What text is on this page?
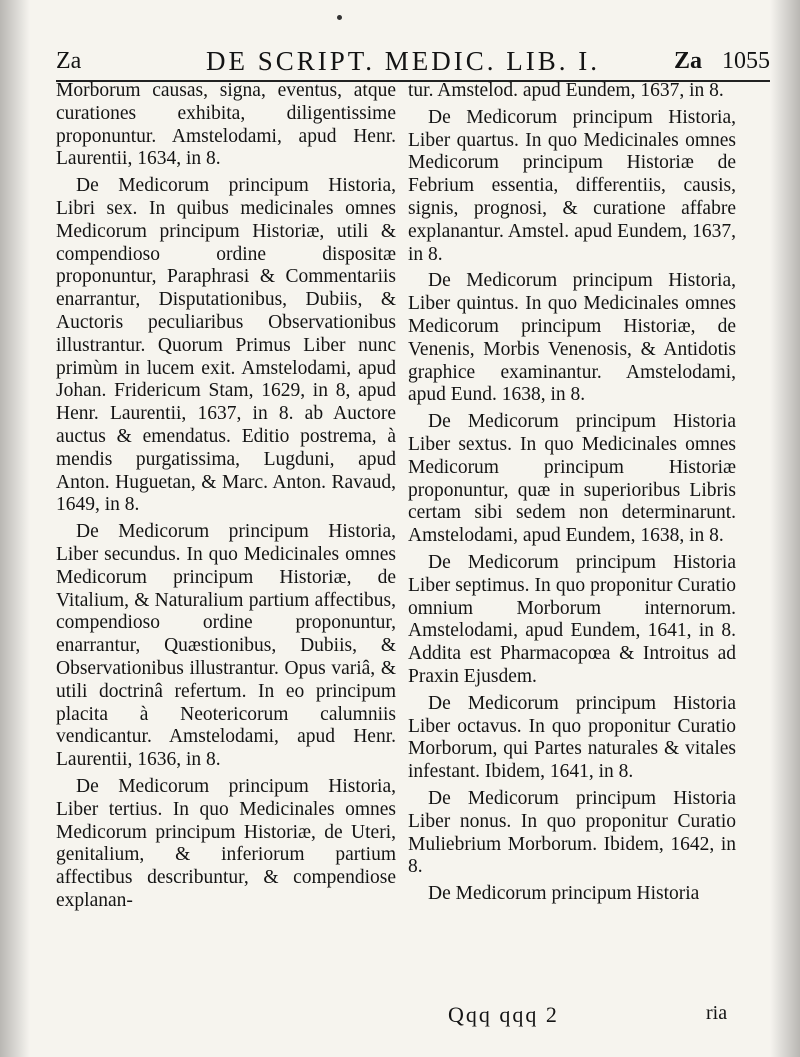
Za	DE SCRIPT. MEDIC. LIB. I.	Za 1055

Morborum causas, signa, eventus, atque curationes exhibita, diligentissime proponuntur. Amstelodami, apud Henr. Laurentii, 1634, in 8.

De Medicorum principum Historia, Libri sex. In quibus medicinales omnes Medicorum principum Historiæ, utili & compendioso ordine dispositæ proponuntur, Paraphrasi & Commentariis enarrantur, Disputationibus, Dubiis, & Auctoris peculiaribus Observationibus illustrantur. Quorum Primus Liber nunc primùm in lucem exit. Amstelodami, apud Johan. Fridericum Stam, 1629, in 8, apud Henr. Laurentii, 1637, in 8. ab Auctore auctus & emendatus. Editio postrema, à mendis purgatissima, Lugduni, apud Anton. Huguetan, & Marc. Anton. Ravaud, 1649, in 8.

De Medicorum principum Historia, Liber secundus. In quo Medicinales omnes Medicorum principum Historiæ, de Vitalium, & Naturalium partium affectibus, compendioso ordine proponuntur, enarrantur, Quæstionibus, Dubiis, & Observationibus illustrantur. Opus variâ, & utili doctrinâ refertum. In eo principum placita à Neotericorum calumniis vendicantur. Amstelodami, apud Henr. Laurentii, 1636, in 8.

De Medicorum principum Historia, Liber tertius. In quo Medicinales omnes Medicorum principum Historiæ, de Uteri, genitalium, & inferiorum partium affectibus describuntur, & compendiose explanan-

tur. Amstelod. apud Eundem, 1637, in 8.

De Medicorum principum Historia, Liber quartus. In quo Medicinales omnes Medicorum principum Historiæ de Febrium essentia, differentiis, causis, signis, prognosi, & curatione affabre explanantur. Amstel. apud Eundem, 1637, in 8.

De Medicorum principum Historia, Liber quintus. In quo Medicinales omnes Medicorum principum Historiæ, de Venenis, Morbis Venenosis, & Antidotis graphice examinantur. Amstelodami, apud Eund. 1638, in 8.

De Medicorum principum Historia Liber sextus. In quo Medicinales omnes Medicorum principum Historiæ proponuntur, quæ in superioribus Libris certam sibi sedem non determinarunt. Amstelodami, apud Eundem, 1638, in 8.

De Medicorum principum Historia Liber septimus. In quo proponitur Curatio omnium Morborum internorum. Amstelodami, apud Eundem, 1641, in 8. Addita est Pharmacopœa & Introitus ad Praxin Ejusdem.

De Medicorum principum Historia Liber octavus. In quo proponitur Curatio Morborum, qui Partes naturales & vitales infestant. Ibidem, 1641, in 8.

De Medicorum principum Historia Liber nonus. In quo proponitur Curatio Muliebrium Morborum. Ibidem, 1642, in 8.

De Medicorum principum Historia

Qqq qqq 2	ria
